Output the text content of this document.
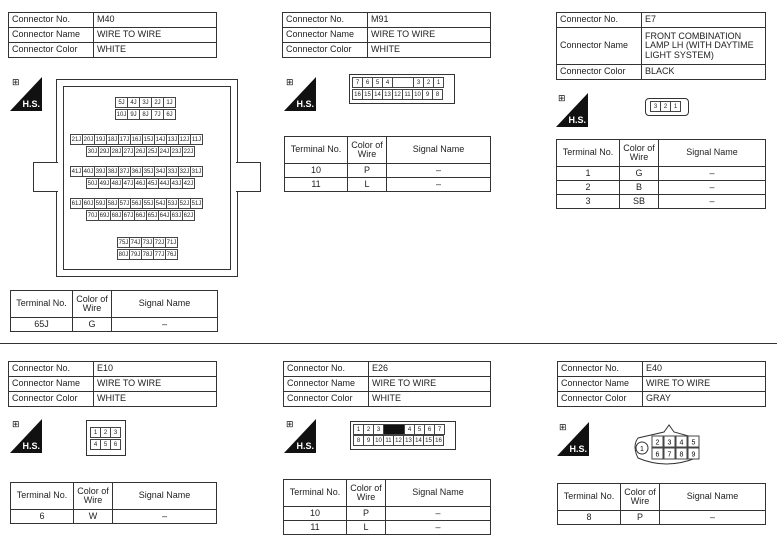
Connector No.	M40
Connector Name	WIRE TO WIRE
Connector Color	WHITE
⊞
H.S.	5J 4J 3J 2J 1J
10J 9J 8J 7J 6J
21J 20J 19J 18J 17J 16J 15J 14J 13J 12J 11J
30J 29J 28J 27J 26J 25J 24J 23J 22J
41J 40J 39J 38J 37J 36J 35J 34J 33J 32J 31J
50J 49J 48J 47J 46J 45J 44J 43J 42J
61J 60J 59J 58J 57J 56J 55J 54J 53J 52J 51J
70J 69J 68J 67J 66J 65J 64J 63J 62J
75J 74J 73J 72J 71J
80J 79J 78J 77J 76J
Terminal No.	Color of Wire	Signal Name
65J	G	–
Connector No.	M91
Connector Name	WIRE TO WIRE
Connector Color	WHITE
⊞
H.S.
7	6	5	4	3	2	1
16 15 14 13 12 11 10 9	8
Terminal No.	Color of Wire	Signal Name
10	P	–
11	L	–
Connector No.	E7
Connector Name	FRONT COMBINATION LAMP LH (WITH DAYTIME LIGHT SYSTEM)
Connector Color	BLACK
⊞
H.S.
3	2	1
Terminal No.	Color of Wire	Signal Name
1	G	–
2	B	–
3	SB	–
Connector No.	E10
Connector Name	WIRE TO WIRE
Connector Color	WHITE
⊞
H.S.
1	2	3
4	5	6
Terminal No.	Color of Wire	Signal Name
6	W	–
Connector No.	E26
Connector Name	WIRE TO WIRE
Connector Color	WHITE
⊞
H.S.
1	2	3	4	5	6	7
8	9 10 11 12 13 14 15 16
Terminal No.	Color of Wire	Signal Name
10	P	–
11	L	–
Connector No.	E40
Connector Name	WIRE TO WIRE
Connector Color	GRAY
⊞
H.S.	1
2 3 4 5
6 7 8 9
Terminal No.	Color of Wire	Signal Name
8	P	–
